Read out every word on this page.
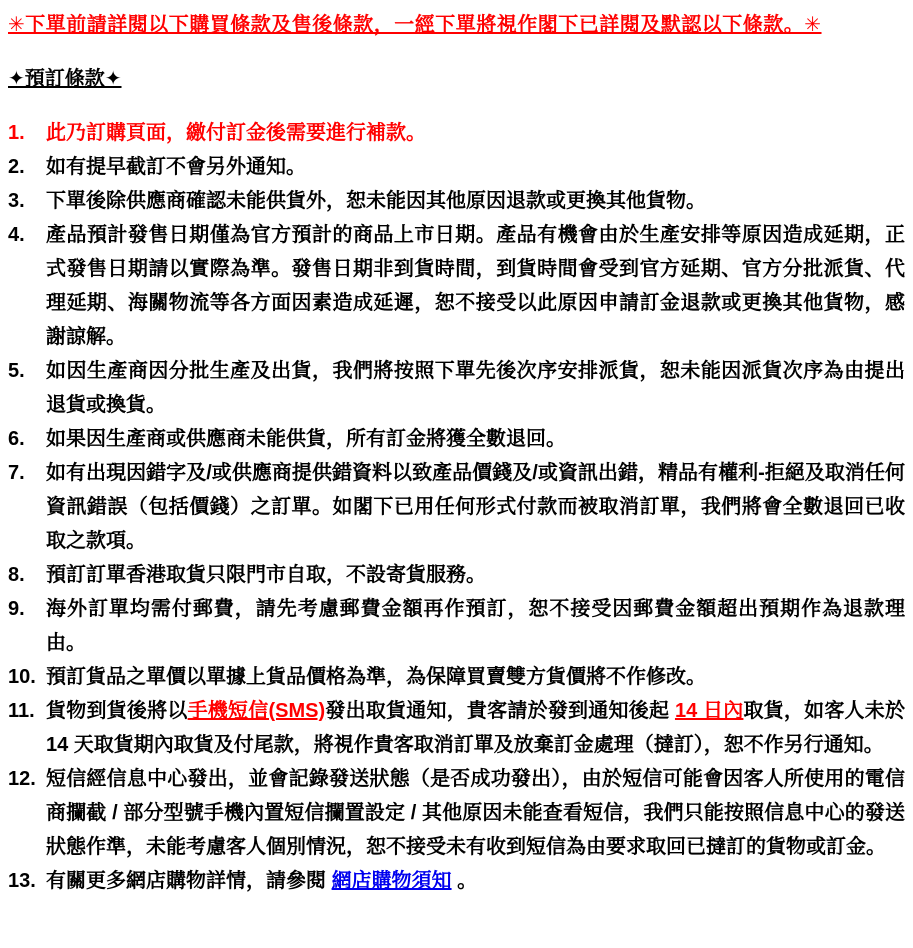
✳下單前請詳閱以下購買條款及售後條款，一經下單將視作閣下已詳閱及默認以下條款。✳
✦預訂條款✦
1.	此乃訂購頁面，繳付訂金後需要進行補款。
2.	如有提早截訂不會另外通知。
3.	下單後除供應商確認未能供貨外，恕未能因其他原因退款或更換其他貨物。
4.	產品預計發售日期僅為官方預計的商品上市日期。產品有機會由於生產安排等原因造成延期，正式發售日期請以實際為準。發售日期非到貨時間，到貨時間會受到官方延期、官方分批派貨、代理延期、海關物流等各方面因素造成延遲，恕不接受以此原因申請訂金退款或更換其他貨物，感謝諒解。
5.	如因生產商因分批生產及出貨，我們將按照下單先後次序安排派貨，恕未能因派貨次序為由提出退貨或換貨。
6.	如果因生產商或供應商未能供貨，所有訂金將獲全數退回。
7.	如有出現因錯字及/或供應商提供錯資料以致產品價錢及/或資訊出錯，精品有權利-拒絕及取消任何資訊錯誤（包括價錢）之訂單。如閣下已用任何形式付款而被取消訂單，我們將會全數退回已收取之款項。
8.	預訂訂單香港取貨只限門市自取，不設寄貨服務。
9.	海外訂單均需付郵費，請先考慮郵費金額再作預訂，恕不接受因郵費金額超出預期作為退款理由。
10. 預訂貨品之單價以單據上貨品價格為準，為保障買賣雙方貨價將不作修改。
11. 貨物到貨後將以手機短信(SMS)發出取貨通知，貴客請於發到通知後起 14 日內取貨，如客人未於 14 天取貨期內取貨及付尾款，將視作貴客取消訂單及放棄訂金處理（撻訂），恕不作另行通知。
12. 短信經信息中心發出，並會記錄發送狀態（是否成功發出），由於短信可能會因客人所使用的電信商攔截 / 部分型號手機內置短信攔置設定 / 其他原因未能查看短信，我們只能按照信息中心的發送狀態作準，未能考慮客人個別情況，恕不接受未有收到短信為由要求取回已撻訂的貨物或訂金。
13. 有關更多網店購物詳情，請參閱 網店購物須知 。
